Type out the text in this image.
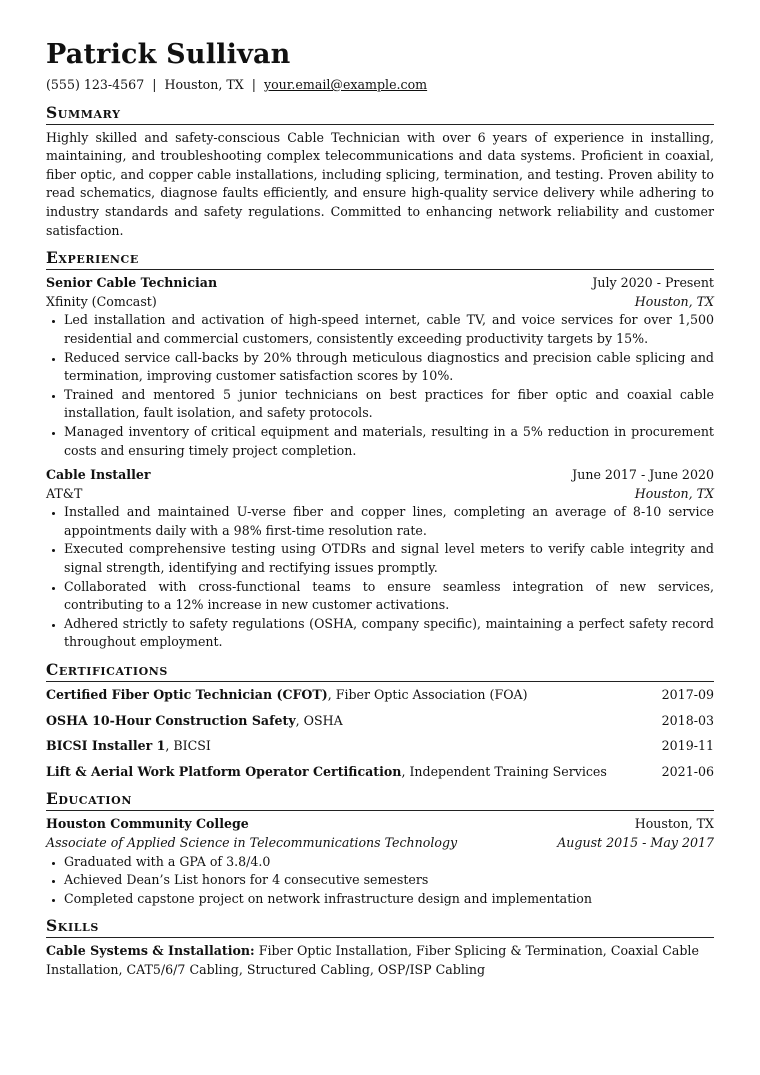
Patrick Sullivan
(555) 123-4567 | Houston, TX | your.email@example.com
Summary

Highly skilled and safety-conscious Cable Technician with over 6 years of experience in installing, maintaining, and troubleshooting complex telecommunications and data systems. Proficient in coaxial, fiber optic, and copper cable installations, including splicing, termination, and testing. Proven ability to read schematics, diagnose faults efficiently, and ensure high-quality service delivery while adhering to industry standards and safety regulations. Committed to enhancing network reliability and customer satisfaction.

Experience
Senior Cable Technician	July 2020 - Present
Xfinity (Comcast)	Houston, TX
• Led installation and activation of high-speed internet, cable TV, and voice services for over 1,500 residential and commercial customers, consistently exceeding productivity targets by 15%.
• Reduced service call-backs by 20% through meticulous diagnostics and precision cable splicing and termination, improving customer satisfaction scores by 10%.
• Trained and mentored 5 junior technicians on best practices for fiber optic and coaxial cable installation, fault isolation, and safety protocols.
• Managed inventory of critical equipment and materials, resulting in a 5% reduction in procurement costs and ensuring timely project completion.
Cable Installer	June 2017 - June 2020
AT&T	Houston, TX
• Installed and maintained U-verse fiber and copper lines, completing an average of 8-10 service appointments daily with a 98% first-time resolution rate.
• Executed comprehensive testing using OTDRs and signal level meters to verify cable integrity and signal strength, identifying and rectifying issues promptly.
• Collaborated with cross-functional teams to ensure seamless integration of new services, contributing to a 12% increase in new customer activations.
• Adhered strictly to safety regulations (OSHA, company specific), maintaining a perfect safety record throughout employment.
Certifications
Certified Fiber Optic Technician (CFOT), Fiber Optic Association (FOA)	2017-09
OSHA 10-Hour Construction Safety, OSHA	2018-03
BICSI Installer 1, BICSI	2019-11
Lift & Aerial Work Platform Operator Certification, Independent Training Services	2021-06
Education
Houston Community College	Houston, TX
Associate of Applied Science in Telecommunications Technology	August 2015 - May 2017
• Graduated with a GPA of 3.8/4.0
• Achieved Dean’s List honors for 4 consecutive semesters
• Completed capstone project on network infrastructure design and implementation
Skills
Cable Systems & Installation: Fiber Optic Installation, Fiber Splicing & Termination, Coaxial Cable Installation, CAT5/6/7 Cabling, Structured Cabling, OSP/ISP Cabling
